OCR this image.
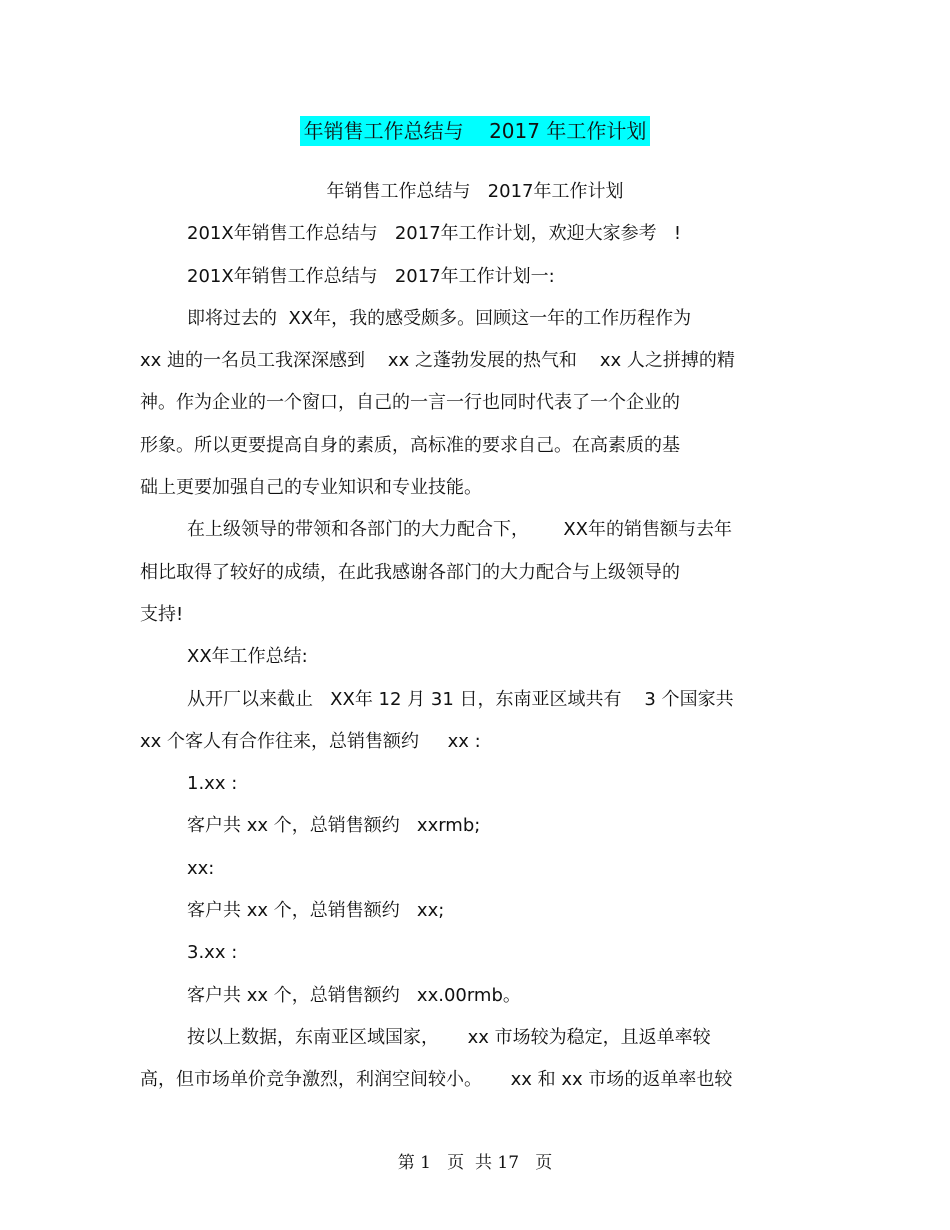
年销售工作总结与    2017 年工作计划
年销售工作总结与   2017年工作计划
201X年销售工作总结与   2017年工作计划，欢迎大家参考   !
201X年销售工作总结与   2017年工作计划一:
即将过去的  XX年，我的感受颇多。回顾这一年的工作历程作为
xx 迪的一名员工我深深感到    xx 之蓬勃发展的热气和    xx 人之拼搏的精
神。作为企业的一个窗口，自己的一言一行也同时代表了一个企业的
形象。所以更要提高自身的素质，高标准的要求自己。在高素质的基
础上更要加强自己的专业知识和专业技能。
在上级领导的带领和各部门的大力配合下，      XX年的销售额与去年
相比取得了较好的成绩，在此我感谢各部门的大力配合与上级领导的
支持!
XX年工作总结:
从开厂以来截止   XX年 12 月 31 日，东南亚区域共有    3 个国家共
xx 个客人有合作往来，总销售额约     xx :
1.xx :
客户共 xx 个，总销售额约   xxrmb;
xx:
客户共 xx 个，总销售额约   xx;
3.xx :
客户共 xx 个，总销售额约   xx.00rmb。
按以上数据，东南亚区域国家，     xx 市场较为稳定，且返单率较
高，但市场单价竞争激烈，利润空间较小。     xx 和 xx 市场的返单率也较
第 1   页  共 17   页
